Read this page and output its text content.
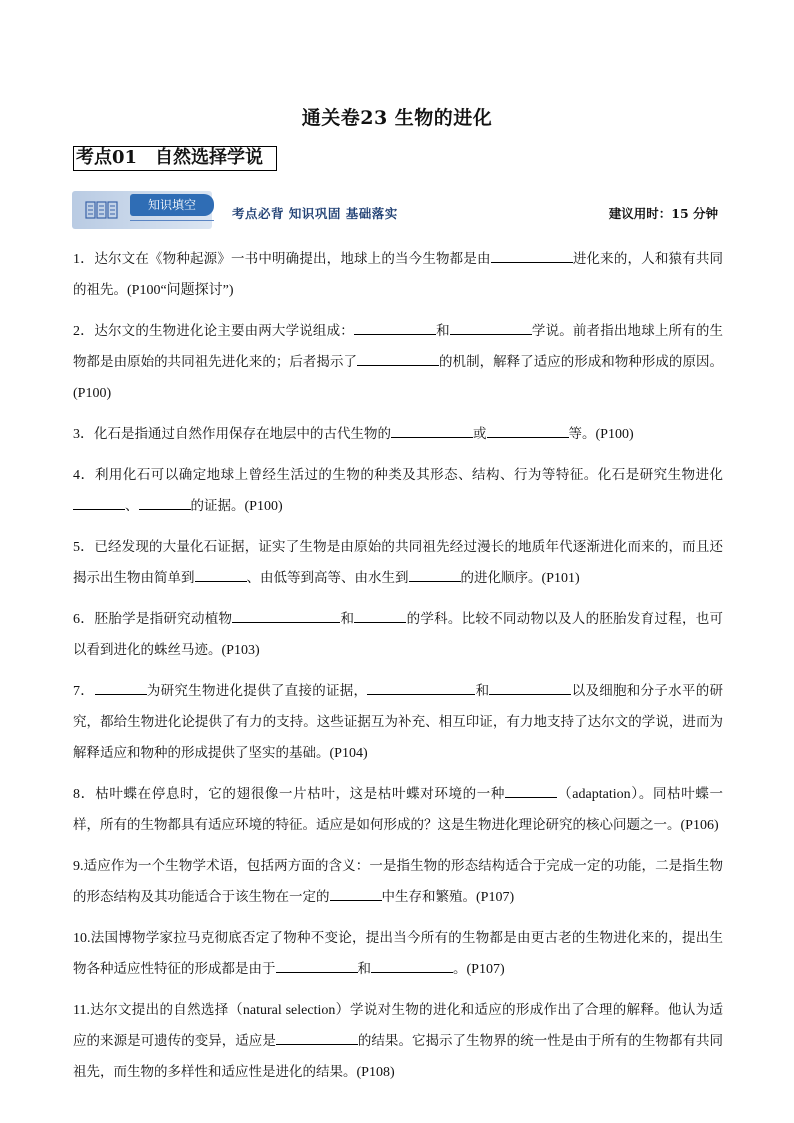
通关卷23 生物的进化
考点01　自然选择学说
知识填空
考点必背 知识巩固 基础落实	建议用时：15 分钟

1．达尔文在《物种起源》一书中明确提出，地球上的当今生物都是由	进化来的，人和猿有共同的祖先。(P100“问题探讨”)

2．达尔文的生物进化论主要由两大学说组成：	和	学说。前者指出地球上所有的生物都是由原始的共同祖先进化来的；后者揭示了	的机制，解释了适应的形成和物种形成的原因。(P100)

3．化石是指通过自然作用保存在地层中的古代生物的	或	等。(P100)

4．利用化石可以确定地球上曾经生活过的生物的种类及其形态、结构、行为等特征。化石是研究生物进化、	的证据。(P100)

5．已经发现的大量化石证据，证实了生物是由原始的共同祖先经过漫长的地质年代逐渐进化而来的，而且还揭示出生物由简单到	、由低等到高等、由水生到	的进化顺序。(P101)

6．胚胎学是指研究动植物	和	的学科。比较不同动物以及人的胚胎发育过程，也可以看到进化的蛛丝马迹。(P103)

7．	为研究生物进化提供了直接的证据，	和	以及细胞和分子水平的研究，都给生物进化论提供了有力的支持。这些证据互为补充、相互印证，有力地支持了达尔文的学说，进而为解释适应和物种的形成提供了坚实的基础。(P104)

8．枯叶蝶在停息时，它的翅很像一片枯叶，这是枯叶蝶对环境的一种	（adaptation）。同枯叶蝶一样，所有的生物都具有适应环境的特征。适应是如何形成的？这是生物进化理论研究的核心问题之一。(P106)

9.适应作为一个生物学术语，包括两方面的含义：一是指生物的形态结构适合于完成一定的功能，二是指生物的形态结构及其功能适合于该生物在一定的	中生存和繁殖。(P107)

10.法国博物学家拉马克彻底否定了物种不变论，提出当今所有的生物都是由更古老的生物进化来的，提出生物各种适应性特征的形成都是由于	和	。(P107)

11.达尔文提出的自然选择（natural selection）学说对生物的进化和适应的形成作出了合理的解释。他认为适应的来源是可遗传的变异，适应是	的结果。它揭示了生物界的统一性是由于所有的生物都有共同祖先，而生物的多样性和适应性是进化的结果。(P108)
